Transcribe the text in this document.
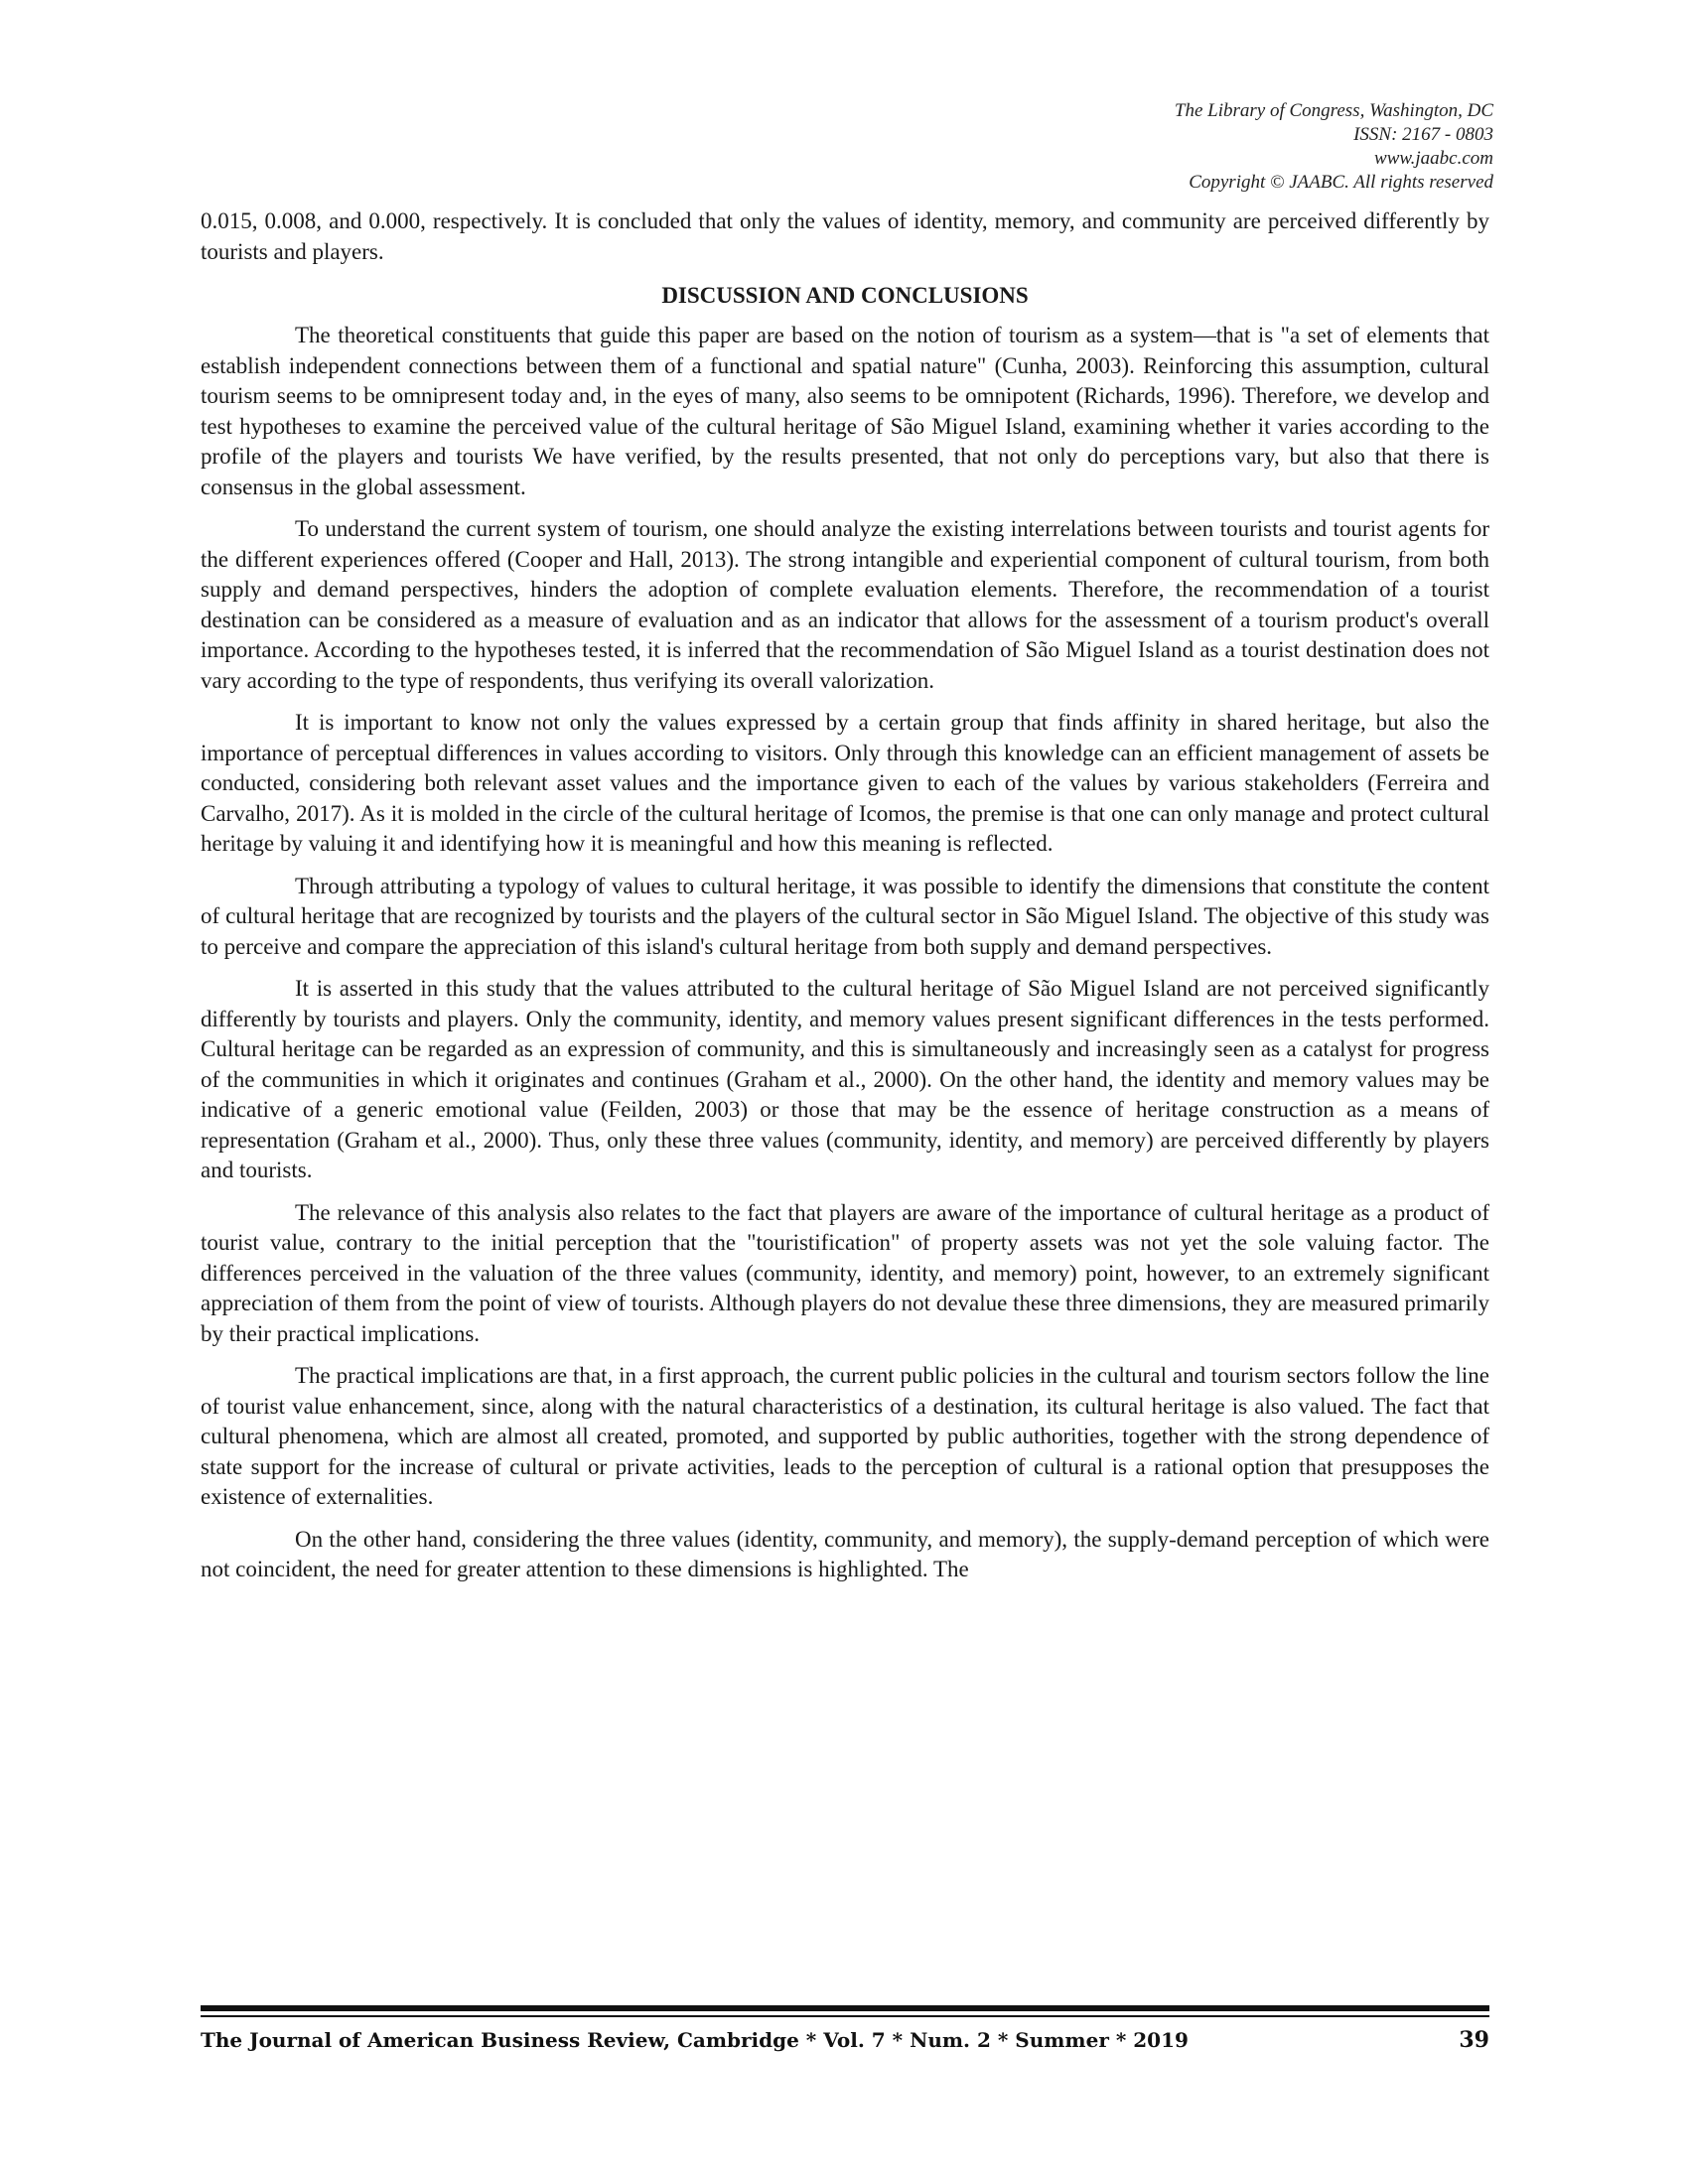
The Library of Congress, Washington, DC
ISSN: 2167 - 0803
www.jaabc.com
Copyright © JAABC. All rights reserved

0.015, 0.008, and 0.000, respectively. It is concluded that only the values of identity, memory, and community are perceived differently by tourists and players.

DISCUSSION AND CONCLUSIONS

The theoretical constituents that guide this paper are based on the notion of tourism as a system—that is "a set of elements that establish independent connections between them of a functional and spatial nature" (Cunha, 2003). Reinforcing this assumption, cultural tourism seems to be omnipresent today and, in the eyes of many, also seems to be omnipotent (Richards, 1996). Therefore, we develop and test hypotheses to examine the perceived value of the cultural heritage of São Miguel Island, examining whether it varies according to the profile of the players and tourists We have verified, by the results presented, that not only do perceptions vary, but also that there is consensus in the global assessment.

To understand the current system of tourism, one should analyze the existing interrelations between tourists and tourist agents for the different experiences offered (Cooper and Hall, 2013). The strong intangible and experiential component of cultural tourism, from both supply and demand perspectives, hinders the adoption of complete evaluation elements. Therefore, the recommendation of a tourist destination can be considered as a measure of evaluation and as an indicator that allows for the assessment of a tourism product's overall importance. According to the hypotheses tested, it is inferred that the recommendation of São Miguel Island as a tourist destination does not vary according to the type of respondents, thus verifying its overall valorization.

It is important to know not only the values expressed by a certain group that finds affinity in shared heritage, but also the importance of perceptual differences in values according to visitors. Only through this knowledge can an efficient management of assets be conducted, considering both relevant asset values and the importance given to each of the values by various stakeholders (Ferreira and Carvalho, 2017). As it is molded in the circle of the cultural heritage of Icomos, the premise is that one can only manage and protect cultural heritage by valuing it and identifying how it is meaningful and how this meaning is reflected.

Through attributing a typology of values to cultural heritage, it was possible to identify the dimensions that constitute the content of cultural heritage that are recognized by tourists and the players of the cultural sector in São Miguel Island. The objective of this study was to perceive and compare the appreciation of this island's cultural heritage from both supply and demand perspectives.

It is asserted in this study that the values attributed to the cultural heritage of São Miguel Island are not perceived significantly differently by tourists and players. Only the community, identity, and memory values present significant differences in the tests performed. Cultural heritage can be regarded as an expression of community, and this is simultaneously and increasingly seen as a catalyst for progress of the communities in which it originates and continues (Graham et al., 2000). On the other hand, the identity and memory values may be indicative of a generic emotional value (Feilden, 2003) or those that may be the essence of heritage construction as a means of representation (Graham et al., 2000). Thus, only these three values (community, identity, and memory) are perceived differently by players and tourists.

The relevance of this analysis also relates to the fact that players are aware of the importance of cultural heritage as a product of tourist value, contrary to the initial perception that the "touristification" of property assets was not yet the sole valuing factor. The differences perceived in the valuation of the three values (community, identity, and memory) point, however, to an extremely significant appreciation of them from the point of view of tourists. Although players do not devalue these three dimensions, they are measured primarily by their practical implications.

The practical implications are that, in a first approach, the current public policies in the cultural and tourism sectors follow the line of tourist value enhancement, since, along with the natural characteristics of a destination, its cultural heritage is also valued. The fact that cultural phenomena, which are almost all created, promoted, and supported by public authorities, together with the strong dependence of state support for the increase of cultural or private activities, leads to the perception of cultural is a rational option that presupposes the existence of externalities.

On the other hand, considering the three values (identity, community, and memory), the supply-demand perception of which were not coincident, the need for greater attention to these dimensions is highlighted. The

The Journal of American Business Review, Cambridge * Vol. 7 * Num. 2 * Summer * 2019	39
